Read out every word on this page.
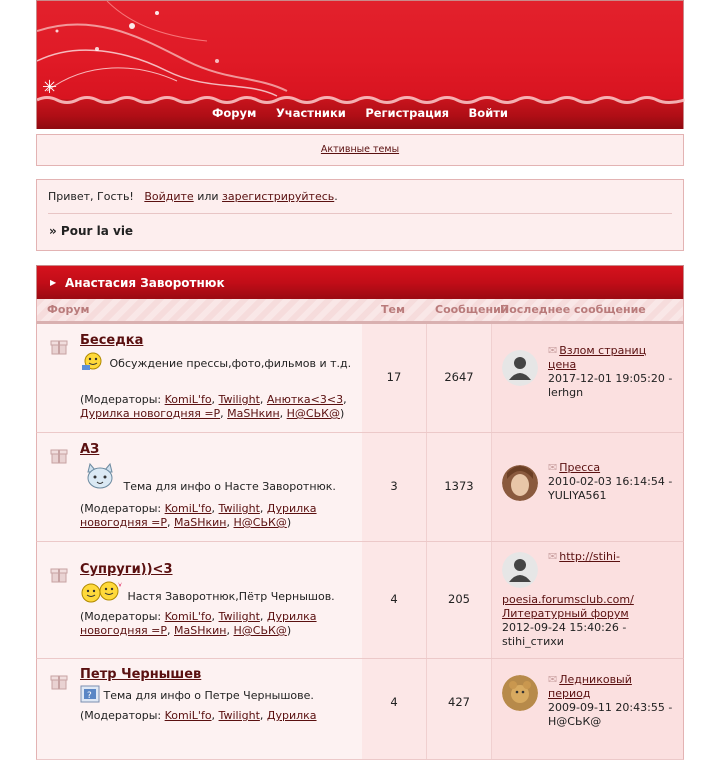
✳
Форум Участники Регистрация Войти
Активные темы
Привет, Гость! Войдите или зарегистрируйтесь.
» Pour la vie
▶ Анастасия Заворотнюк
Форум	Тем	Сообщений
Последнее сообщение
Беседка
Обсуждение прессы,фото,фильмов и т.д.
(Модераторы: KomiL'fo, Twilight, Анютка<3<3, Дурилка новогодняя =P, MaSHкин, H@СЬК@)
17	2647
✉ Взлом страниц цена
2017-12-01 19:05:20 -
lerhgn
АЗ
Тема для инфо о Насте Заворотнюк.
(Модераторы: KomiL'fo, Twilight, Дурилка новогодняя =P, MaSHкин, H@СЬК@)
3	1373
✉ Пресса
2010-02-03 16:14:54 -
YULIYA561
Супруги))<3
Настя Заворотнюк,Пётр Чернышов.
(Модераторы: KomiL'fo, Twilight, Дурилка новогодняя =P, MaSHкин, H@СЬК@)
4	205
✉ http://stihi-
poesia.forumsclub.com/ Литературный форум
2012-09-24 15:40:26 -
stihi_стихи
Петр Чернышев
? Тема для инфо о Петре Чернышове.
(Модераторы: KomiL'fo, Twilight, Дурилка
4	427
✉ Ледниковый период
2009-09-11 20:43:55 -
H@СЬК@
